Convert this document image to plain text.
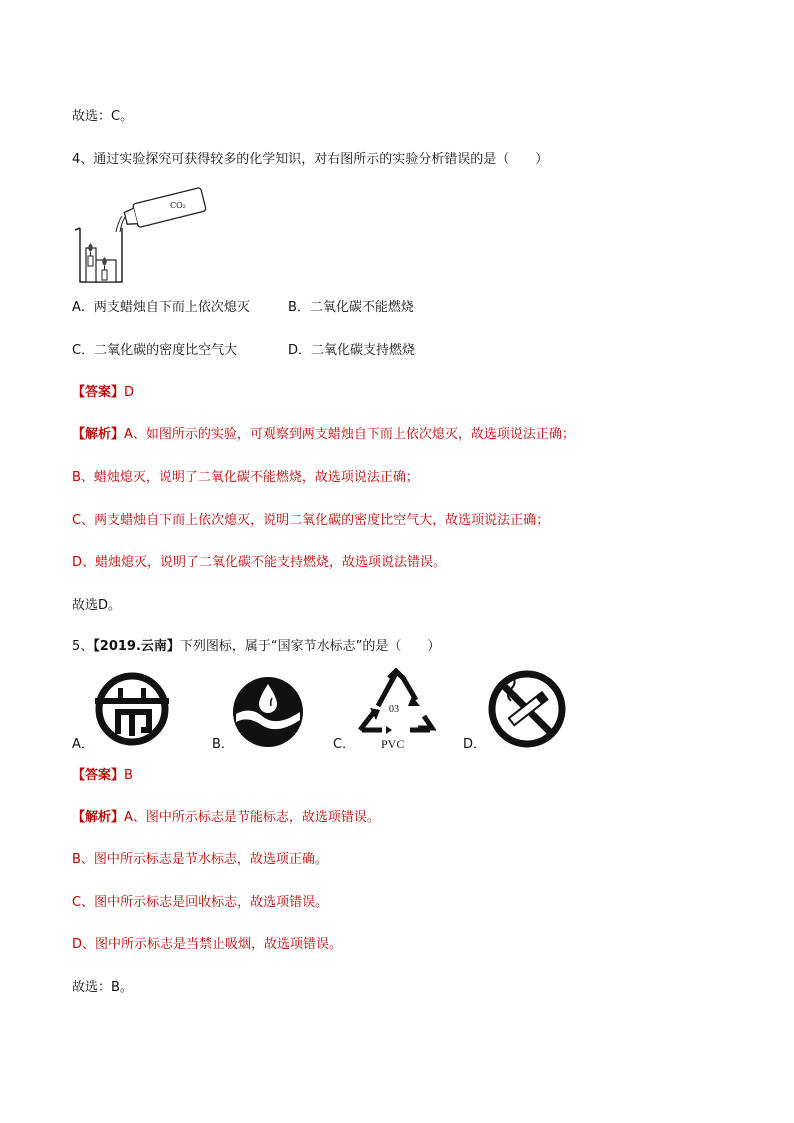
故选：C。
4、通过实验探究可获得较多的化学知识，对右图所示的实验分析错误的是（　　）
CO₂
A．两支蜡烛自下而上依次熄灭	B．二氧化碳不能燃烧
C．二氧化碳的密度比空气大	D．二氧化碳支持燃烧
【答案】D
【解析】A、如图所示的实验，可观察到两支蜡烛自下而上依次熄灭，故选项说法正确；
B、蜡烛熄灭，说明了二氧化碳不能燃烧，故选项说法正确；
C、两支蜡烛自下而上依次熄灭，说明二氧化碳的密度比空气大，故选项说法正确；
D、蜡烛熄灭，说明了二氧化碳不能支持燃烧，故选项说法错误。
故选D。
5、【2019.云南】下列图标，属于“国家节水标志”的是（　　）
A．	B．
03
PVC
C．	D．
【答案】B
【解析】A、图中所示标志是节能标志，故选项错误。
B、图中所示标志是节水标志，故选项正确。
C、图中所示标志是回收标志，故选项错误。
D、图中所示标志是当禁止吸烟，故选项错误。
故选：B。
